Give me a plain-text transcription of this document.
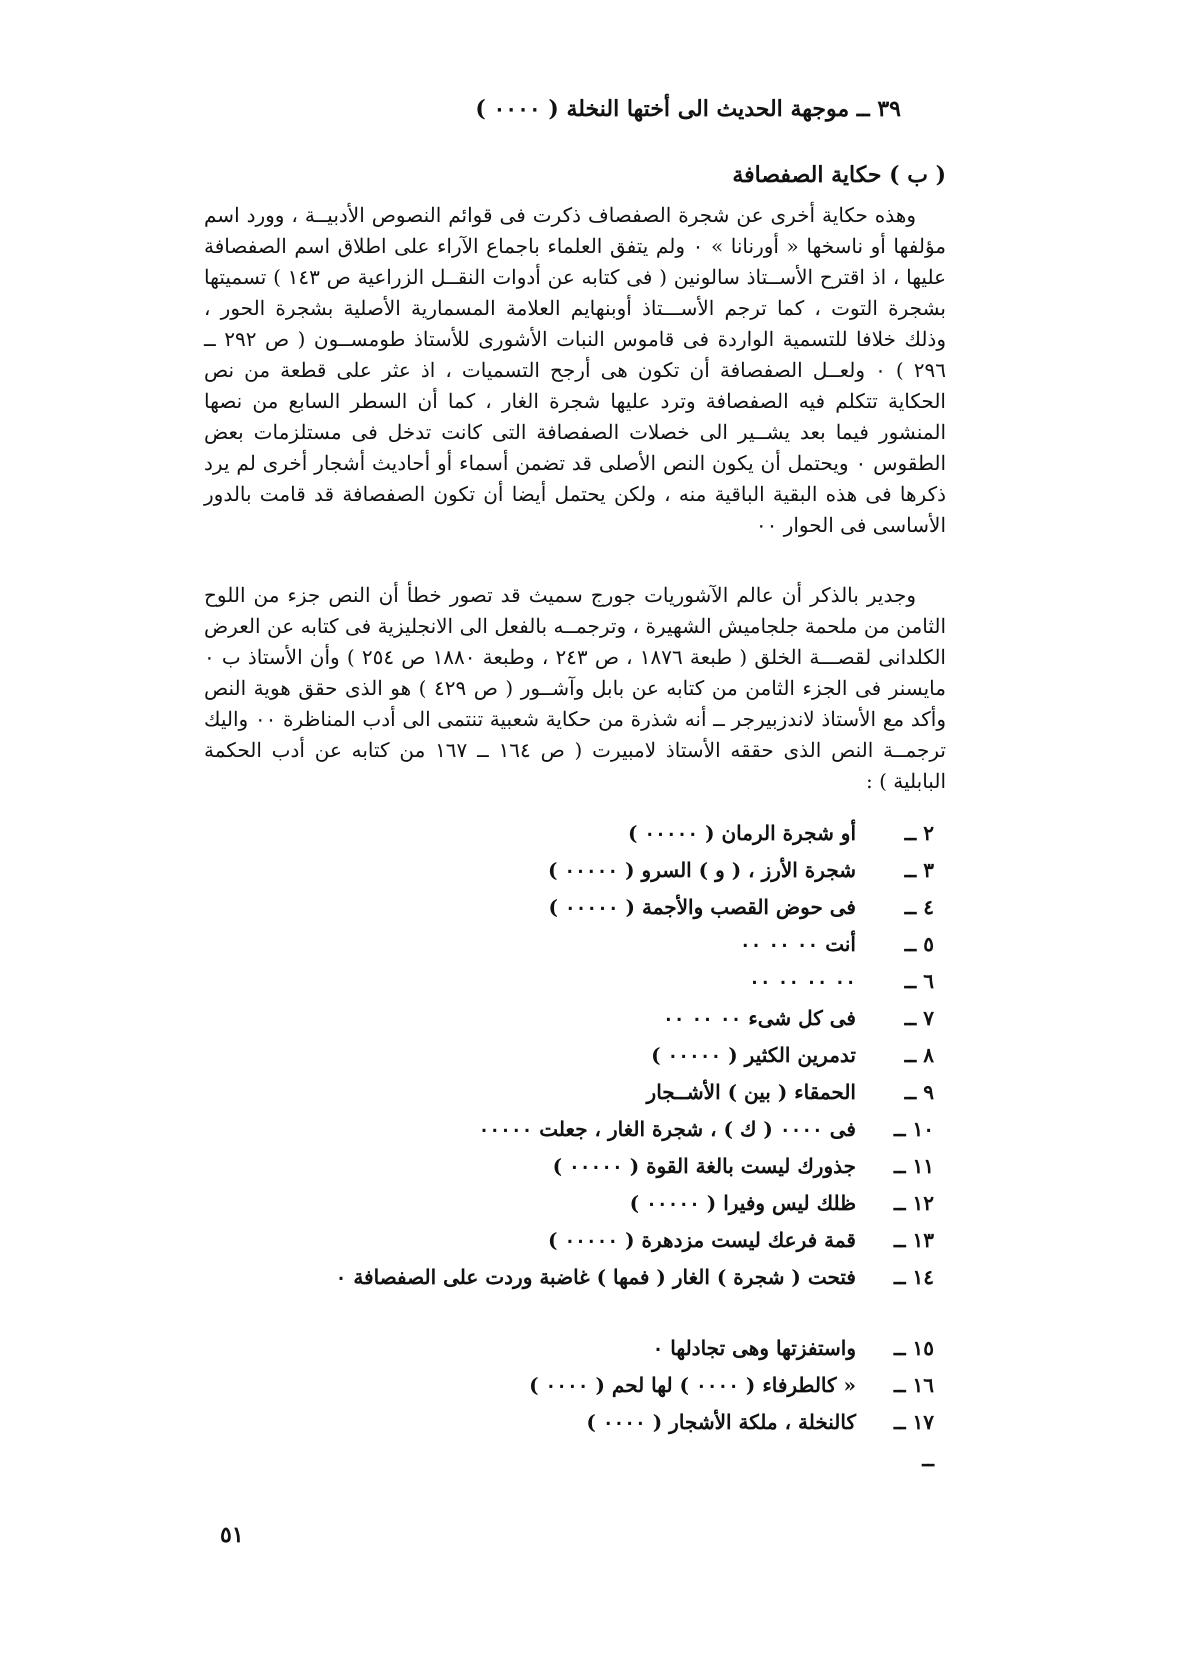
٣٩ ــ موجهة الحديث الى أختها النخلة ( ٠٠٠٠ )
( ب ) حكاية الصفصافة

وهذه حكاية أخرى عن شجرة الصفصاف ذكرت فى قوائم النصوص الأدبيــة ، وورد اسم مؤلفها أو ناسخها « أورنانا » ٠ ولم يتفق العلماء باجماع الآراء على اطلاق اسم الصفصافة عليها ، اذ اقترح الأســتاذ سالونين ( فى كتابه عن أدوات النقــل الزراعية ص ١٤٣ ) تسميتها بشجرة التوت ، كما ترجم الأســـتاذ أوبنهايم العلامة المسمارية الأصلية بشجرة الحور ، وذلك خلافا للتسمية الواردة فى قاموس النبات الأشورى للأستاذ طومســون ( ص ٢٩٢ ــ ٢٩٦ ) ٠ ولعــل الصفصافة أن تكون هى أرجح التسميات ، اذ عثر على قطعة من نص الحكاية تتكلم فيه الصفصافة وترد عليها شجرة الغار ، كما أن السطر السابع من نصها المنشور فيما بعد يشــير الى خصلات الصفصافة التى كانت تدخل فى مستلزمات بعض الطقوس ٠ ويحتمل أن يكون النص الأصلى قد تضمن أسماء أو أحاديث أشجار أخرى لم يرد ذكرها فى هذه البقية الباقية منه ، ولكن يحتمل أيضا أن تكون الصفصافة قد قامت بالدور الأساسى فى الحوار ٠٠

وجدير بالذكر أن عالم الآشوريات جورج سميث قد تصور خطأ أن النص جزء من اللوح الثامن من ملحمة جلجاميش الشهيرة ، وترجمــه بالفعل الى الانجليزية فى كتابه عن العرض الكلدانى لقصـــة الخلق ( طبعة ١٨٧٦ ، ص ٢٤٣ ، وطبعة ١٨٨٠ ص ٢٥٤ ) وأن الأستاذ ب ٠ مايسنر فى الجزء الثامن من كتابه عن بابل وآشــور ( ص ٤٢٩ ) هو الذى حقق هوية النص وأكد مع الأستاذ لاندزبيرجر ــ أنه شذرة من حكاية شعبية تنتمى الى أدب المناظرة ٠٠ واليك ترجمــة النص الذى حققه الأستاذ لامبيرت ( ص ١٦٤ ــ ١٦٧ من كتابه عن أدب الحكمة البابلية ) :

٢ ــ
أو شجرة الرمان ( ٠٠٠٠٠ )
٣ ــ
شجرة الأرز ، ( و ) السرو ( ٠٠٠٠٠ )
٤ ــ
فى حوض القصب والأجمة ( ٠٠٠٠٠ )
٥ ــ
أنت ٠٠ ٠٠ ٠٠
٦ ــ
٠٠ ٠٠ ٠٠ ٠٠
٧ ــ
فى كل شىء ٠٠ ٠٠ ٠٠
٨ ــ
تدمرين الكثير ( ٠٠٠٠٠ )
٩ ــ
الحمقاء ( بين ) الأشــجار
١٠ ــ
فى ٠٠٠٠ ( ك ) ، شجرة الغار ، جعلت ٠٠٠٠٠
١١ ــ
جذورك ليست بالغة القوة ( ٠٠٠٠٠ )
١٢ ــ
ظلك ليس وفيرا ( ٠٠٠٠٠ )
١٣ ــ
قمة فرعك ليست مزدهرة ( ٠٠٠٠٠ )
١٤ ــ
فتحت ( شجرة ) الغار ( فمها ) غاضبة وردت على الصفصافة ٠
١٥ ــ
واستفزتها وهى تجادلها ٠
١٦ ــ
« كالطرفاء ( ٠٠٠٠ ) لها لحم ( ٠٠٠٠ )
١٧ ــ
كالنخلة ، ملكة الأشجار ( ٠٠٠٠ )
ــ
٥١
